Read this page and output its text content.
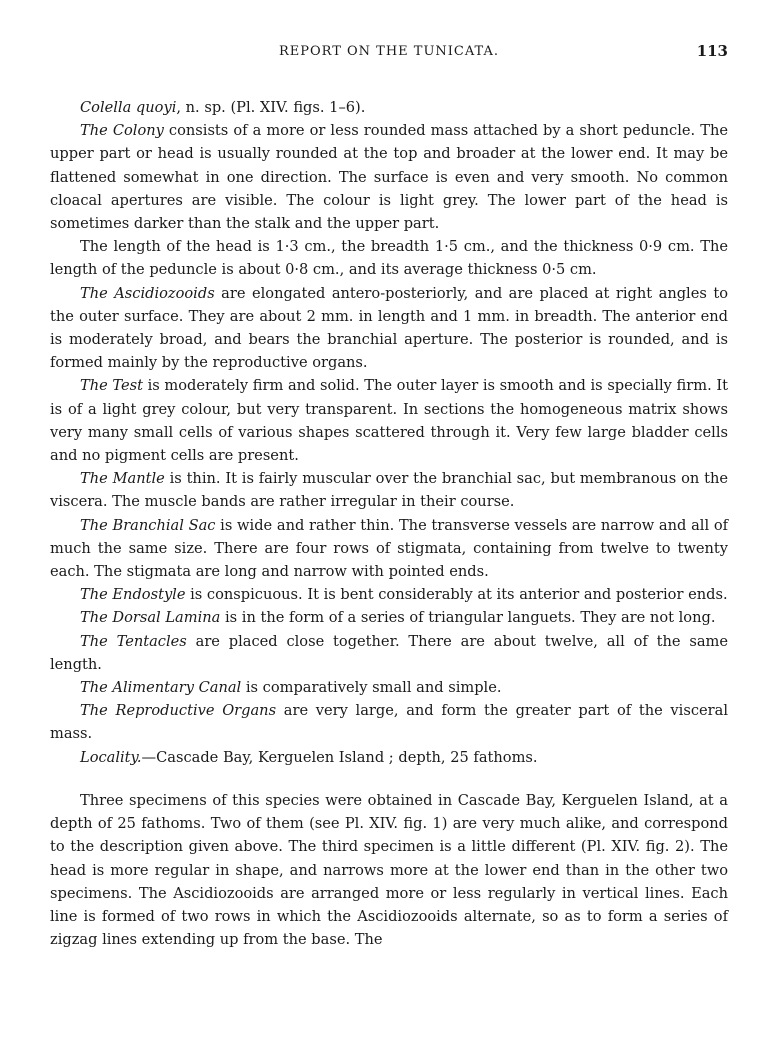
REPORT ON THE TUNICATA.	113

Colella quoyi, n. sp. (Pl. XIV. figs. 1–6).

The Colony consists of a more or less rounded mass attached by a short peduncle. The upper part or head is usually rounded at the top and broader at the lower end. It may be flattened somewhat in one direction. The surface is even and very smooth. No common cloacal apertures are visible. The colour is light grey. The lower part of the head is sometimes darker than the stalk and the upper part.

The length of the head is 1·3 cm., the breadth 1·5 cm., and the thickness 0·9 cm. The length of the peduncle is about 0·8 cm., and its average thickness 0·5 cm.

The Ascidiozooids are elongated antero-posteriorly, and are placed at right angles to the outer surface. They are about 2 mm. in length and 1 mm. in breadth. The anterior end is moderately broad, and bears the branchial aperture. The posterior is rounded, and is formed mainly by the reproductive organs.

The Test is moderately firm and solid. The outer layer is smooth and is specially firm. It is of a light grey colour, but very transparent. In sections the homogeneous matrix shows very many small cells of various shapes scattered through it. Very few large bladder cells and no pigment cells are present.

The Mantle is thin. It is fairly muscular over the branchial sac, but membranous on the viscera. The muscle bands are rather irregular in their course.

The Branchial Sac is wide and rather thin. The transverse vessels are narrow and all of much the same size. There are four rows of stigmata, containing from twelve to twenty each. The stigmata are long and narrow with pointed ends.

The Endostyle is conspicuous. It is bent considerably at its anterior and posterior ends.

The Dorsal Lamina is in the form of a series of triangular languets. They are not long.

The Tentacles are placed close together. There are about twelve, all of the same length.

The Alimentary Canal is comparatively small and simple.

The Reproductive Organs are very large, and form the greater part of the visceral mass.

Locality.—Cascade Bay, Kerguelen Island ; depth, 25 fathoms.

Three specimens of this species were obtained in Cascade Bay, Kerguelen Island, at a depth of 25 fathoms. Two of them (see Pl. XIV. fig. 1) are very much alike, and correspond to the description given above. The third specimen is a little different (Pl. XIV. fig. 2). The head is more regular in shape, and narrows more at the lower end than in the other two specimens. The Ascidiozooids are arranged more or less regularly in vertical lines. Each line is formed of two rows in which the Ascidiozooids alternate, so as to form a series of zigzag lines extending up from the base. The
